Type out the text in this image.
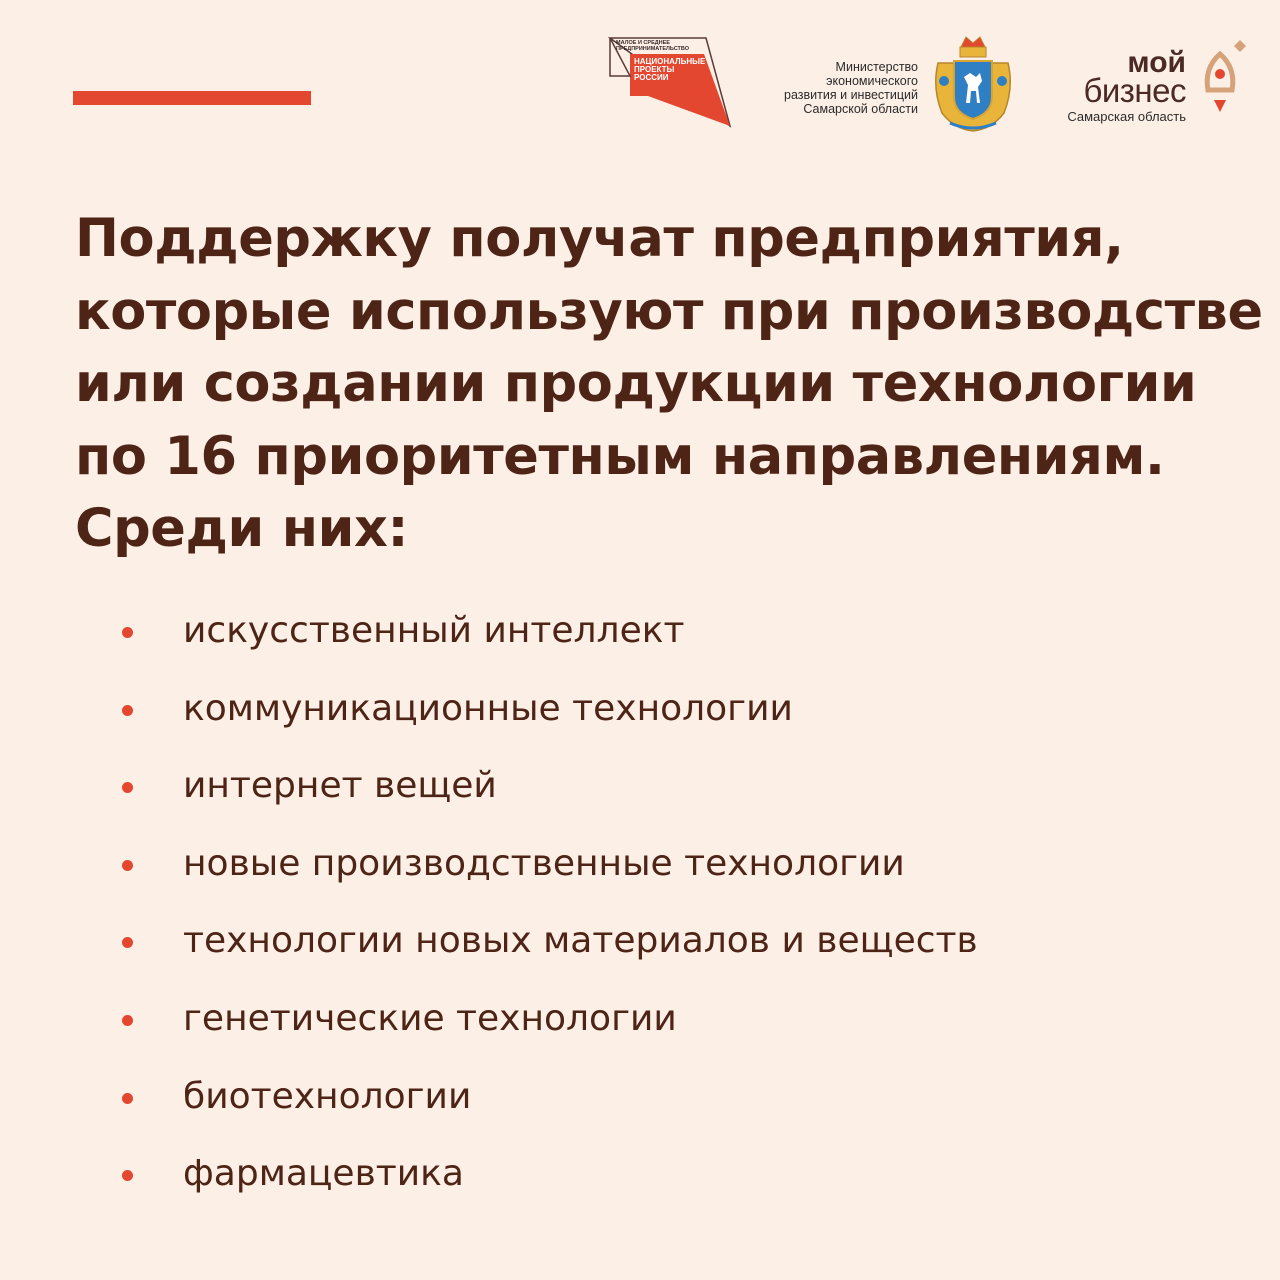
МАЛОЕ И СРЕДНЕЕ ПРЕДПРИНИМАТЕЛЬСТВО
НАЦИОНАЛЬНЫЕ ПРОЕКТЫ РОССИИ
Министерство
экономического
развития и инвестиций
Самарской области
мой
бизнес
Самарская область
Поддержку получат предприятия,
которые используют при производстве
или создании продукции технологии
по 16 приоритетным направлениям.
Среди них:
искусственный интеллект
коммуникационные технологии
интернет вещей
новые производственные технологии
технологии новых материалов и веществ
генетические технологии
биотехнологии
фармацевтика
